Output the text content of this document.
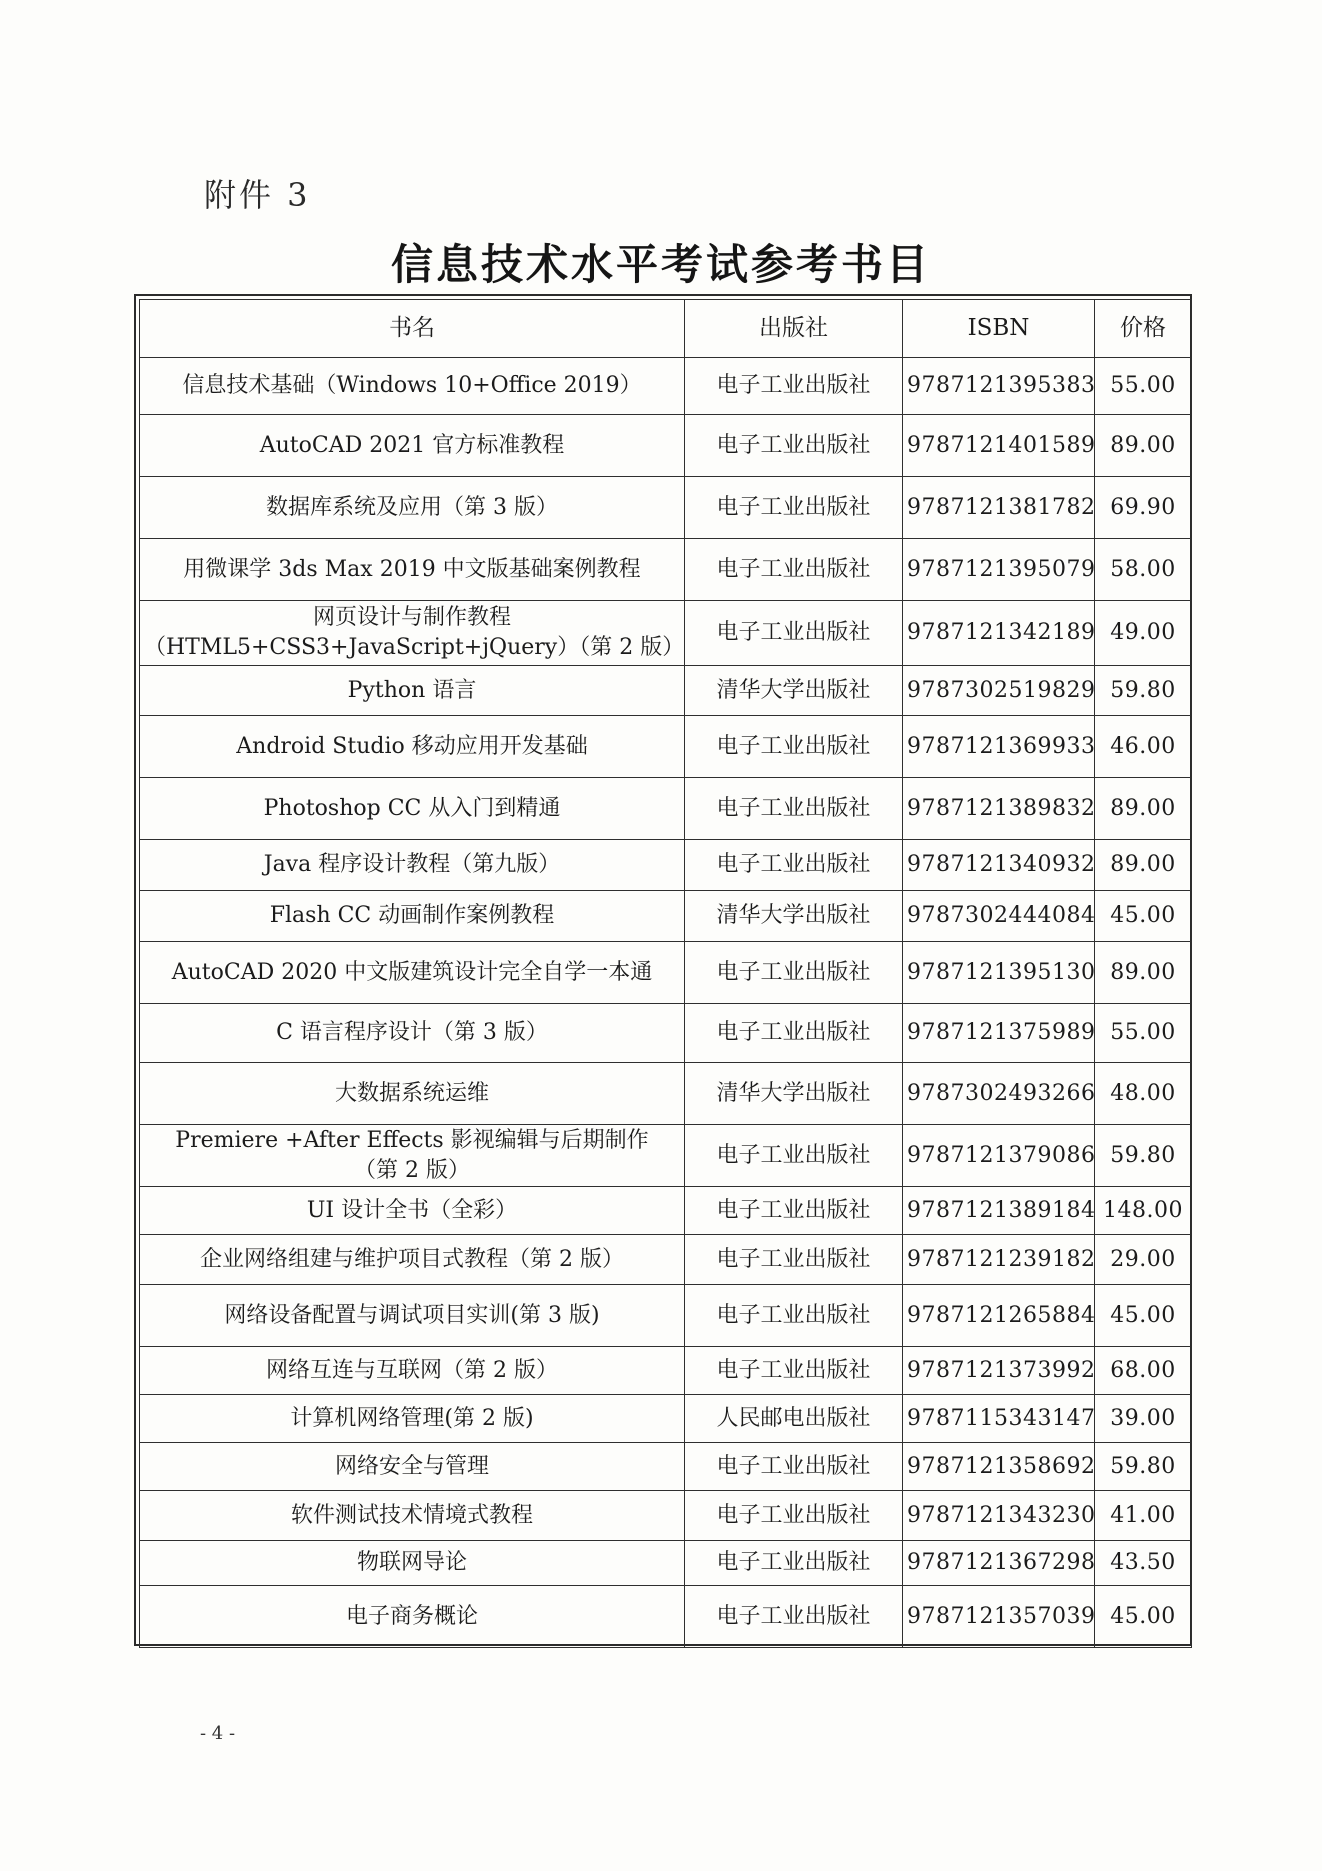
附件 3
信息技术水平考试参考书目
书名	出版社	ISBN	价格

信息技术基础（Windows 10+Office 2019）	电子工业出版社	9787121395383	55.00

AutoCAD 2021 官方标准教程	电子工业出版社	9787121401589	89.00

数据库系统及应用（第 3 版）	电子工业出版社	9787121381782	69.90

用微课学 3ds Max 2019 中文版基础案例教程	电子工业出版社	9787121395079	58.00

网页设计与制作教程
（HTML5+CSS3+JavaScript+jQuery）（第 2 版）	电子工业出版社	9787121342189	49.00

Python 语言	清华大学出版社	9787302519829	59.80

Android Studio 移动应用开发基础	电子工业出版社	9787121369933	46.00

Photoshop CC 从入门到精通	电子工业出版社	9787121389832	89.00

Java 程序设计教程（第九版）	电子工业出版社	9787121340932	89.00

Flash CC 动画制作案例教程	清华大学出版社	9787302444084	45.00

AutoCAD 2020 中文版建筑设计完全自学一本通	电子工业出版社	9787121395130	89.00

C 语言程序设计（第 3 版）	电子工业出版社	9787121375989	55.00

大数据系统运维	清华大学出版社	9787302493266	48.00

Premiere +After Effects 影视编辑与后期制作
（第 2 版）	电子工业出版社	9787121379086	59.80

UI 设计全书（全彩）	电子工业出版社	9787121389184	148.00

企业网络组建与维护项目式教程（第 2 版）	电子工业出版社	9787121239182	29.00

网络设备配置与调试项目实训(第 3 版)	电子工业出版社	9787121265884	45.00

网络互连与互联网（第 2 版）	电子工业出版社	9787121373992	68.00

计算机网络管理(第 2 版)	人民邮电出版社	9787115343147	39.00

网络安全与管理	电子工业出版社	9787121358692	59.80

软件测试技术情境式教程	电子工业出版社	9787121343230	41.00

物联网导论	电子工业出版社	9787121367298	43.50

电子商务概论	电子工业出版社	9787121357039	45.00
- 4 -
